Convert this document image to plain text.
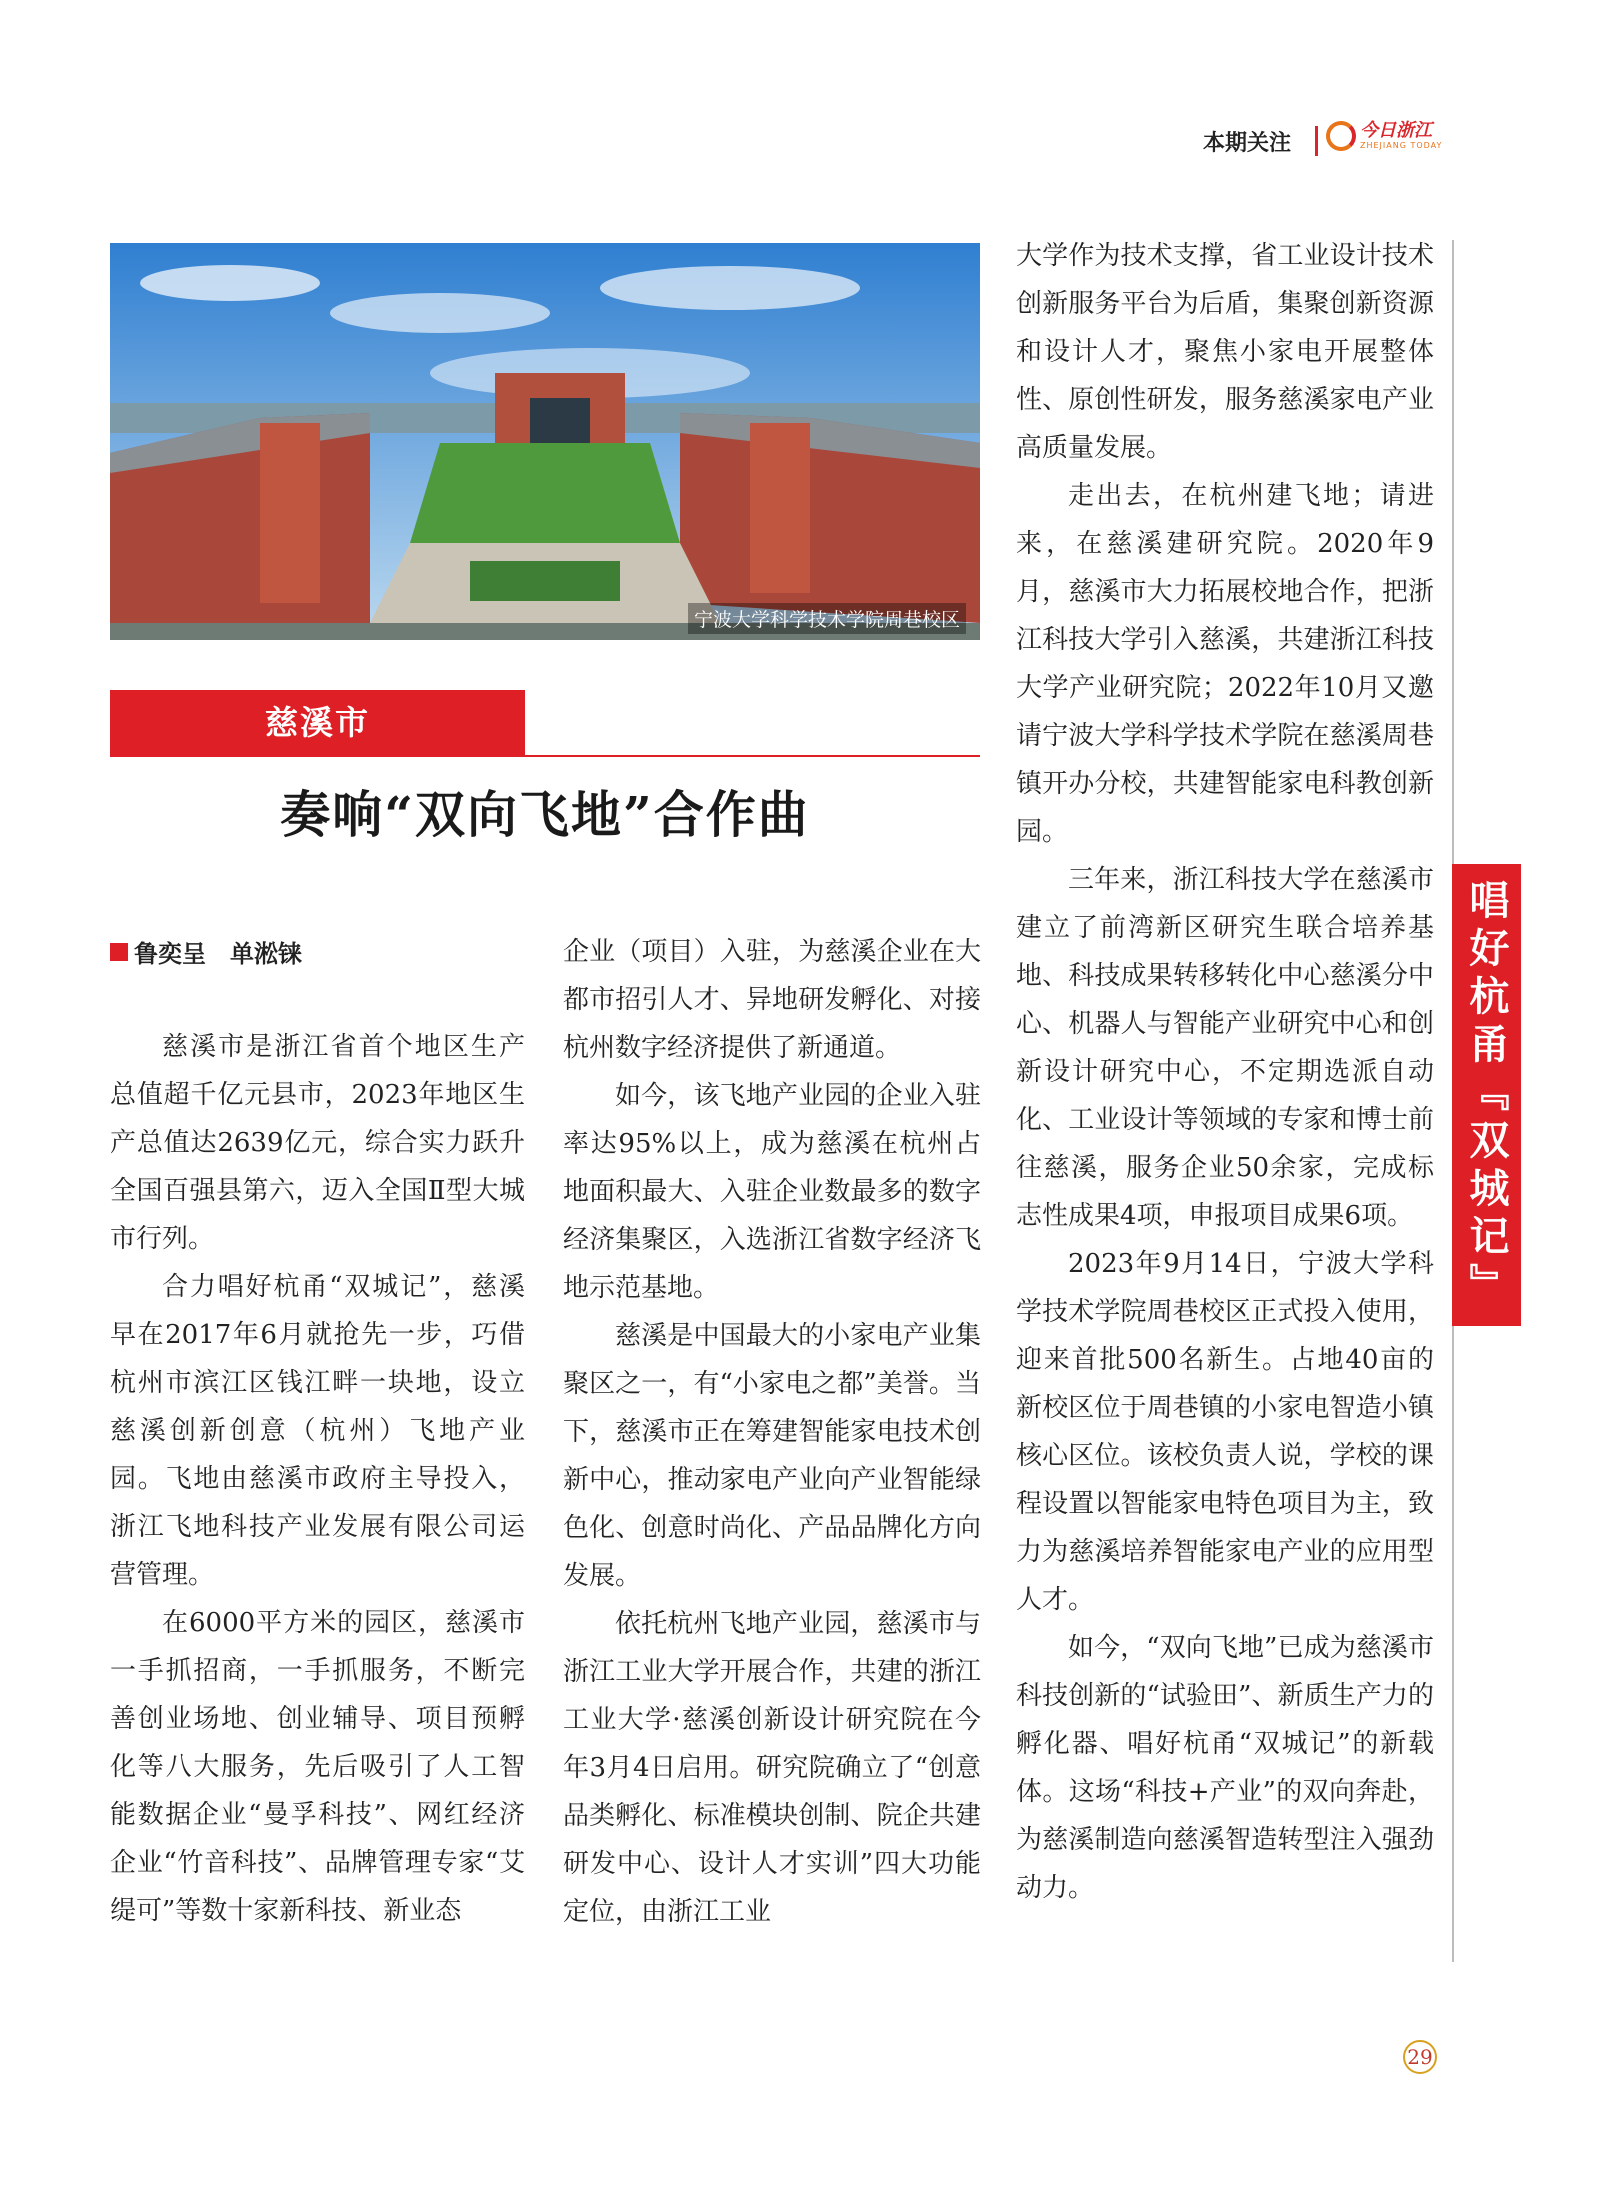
本期关注
今日浙江
ZHEJIANG TODAY
宁波大学科学技术学院周巷校区
慈溪市
奏响“双向飞地”合作曲
鲁奕呈　单淞铼

慈溪市是浙江省首个地区生产总值超千亿元县市，2023年地区生产总值达2639亿元，综合实力跃升全国百强县第六，迈入全国Ⅱ型大城市行列。

合力唱好杭甬“双城记”，慈溪早在2017年6月就抢先一步，巧借杭州市滨江区钱江畔一块地，设立慈溪创新创意（杭州）飞地产业园。飞地由慈溪市政府主导投入，浙江飞地科技产业发展有限公司运营管理。

在6000平方米的园区，慈溪市一手抓招商，一手抓服务，不断完善创业场地、创业辅导、项目预孵化等八大服务，先后吸引了人工智能数据企业“曼孚科技”、网红经济企业“竹音科技”、品牌管理专家“艾缇可”等数十家新科技、新业态

企业（项目）入驻，为慈溪企业在大都市招引人才、异地研发孵化、对接杭州数字经济提供了新通道。

如今，该飞地产业园的企业入驻率达95%以上，成为慈溪在杭州占地面积最大、入驻企业数最多的数字经济集聚区，入选浙江省数字经济飞地示范基地。

慈溪是中国最大的小家电产业集聚区之一，有“小家电之都”美誉。当下，慈溪市正在筹建智能家电技术创新中心，推动家电产业向产业智能绿色化、创意时尚化、产品品牌化方向发展。

依托杭州飞地产业园，慈溪市与浙江工业大学开展合作，共建的浙江工业大学·慈溪创新设计研究院在今年3月4日启用。研究院确立了“创意品类孵化、标准模块创制、院企共建研发中心、设计人才实训”四大功能定位，由浙江工业

大学作为技术支撑，省工业设计技术创新服务平台为后盾，集聚创新资源和设计人才，聚焦小家电开展整体性、原创性研发，服务慈溪家电产业高质量发展。

走出去，在杭州建飞地；请进来，在慈溪建研究院。2020年9月，慈溪市大力拓展校地合作，把浙江科技大学引入慈溪，共建浙江科技大学产业研究院；2022年10月又邀请宁波大学科学技术学院在慈溪周巷镇开办分校，共建智能家电科教创新园。

三年来，浙江科技大学在慈溪市建立了前湾新区研究生联合培养基地、科技成果转移转化中心慈溪分中心、机器人与智能产业研究中心和创新设计研究中心，不定期选派自动化、工业设计等领域的专家和博士前往慈溪，服务企业50余家，完成标志性成果4项，申报项目成果6项。

2023年9月14日，宁波大学科学技术学院周巷校区正式投入使用，迎来首批500名新生。占地40亩的新校区位于周巷镇的小家电智造小镇核心区位。该校负责人说，学校的课程设置以智能家电特色项目为主，致力为慈溪培养智能家电产业的应用型人才。

如今，“双向飞地”已成为慈溪市科技创新的“试验田”、新质生产力的孵化器、唱好杭甬“双城记”的新载体。这场“科技+产业”的双向奔赴，为慈溪制造向慈溪智造转型注入强劲动力。

唱好杭甬『双城记』
29
